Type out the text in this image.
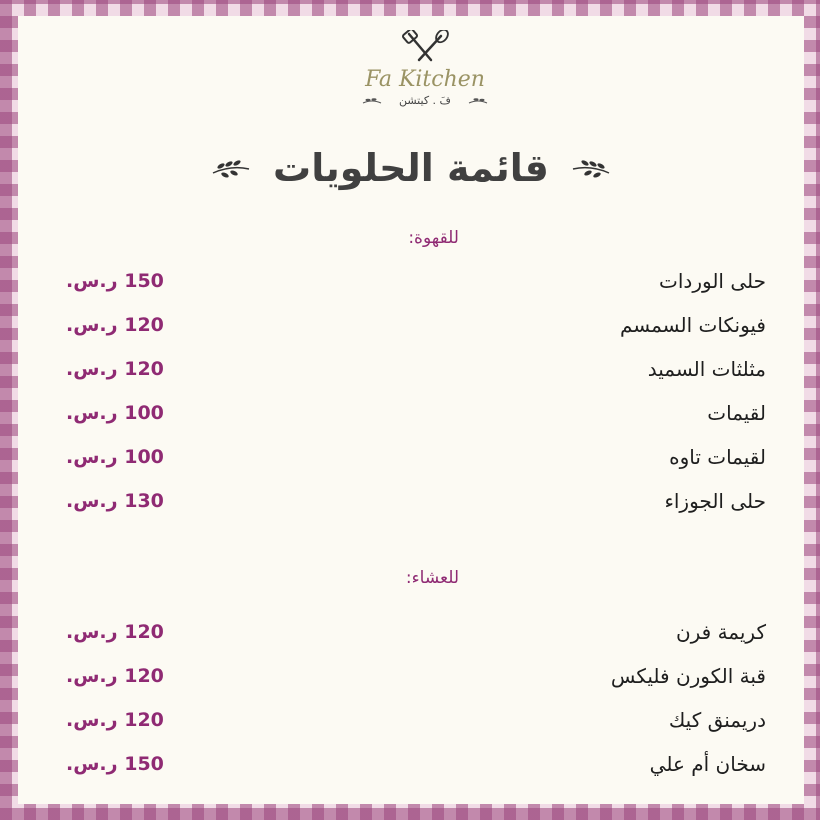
Fa Kitchen
فَ . كيتشن
قائمة الحلويات
للقهوة:
150 ر.س.	حلى الوردات
120 ر.س.	فيونكات السمسم
120 ر.س.	مثلثات السميد
100 ر.س.	لقيمات
100 ر.س.	لقيمات تاوه
130 ر.س.	حلى الجوزاء
للعشاء:
120 ر.س.	كريمة فرن
120 ر.س.	قبة الكورن فليكس
120 ر.س.	دريمنق كيك
150 ر.س.	سخان أم علي
